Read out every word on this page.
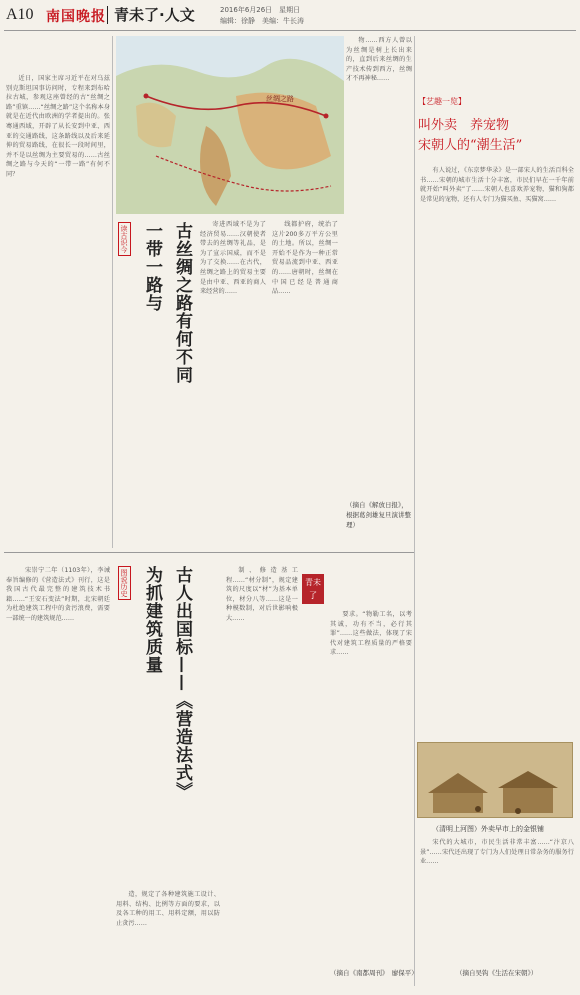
A10 南国晚报 青未了·人文	2016年6月26日　星期日
编辑：徐静　美编：牛长涛
丝绸之路

近日，国家主席习近平在对乌兹别克斯坦国事访问时，专程来到布哈拉古城，参观这座曾经的古“丝绸之路”重镇……“丝绸之路”这个名称本身就是在近代由欧洲的学者提出的。张骞通西域，开辟了从长安到中亚、西亚的交通路线，这条路线以及后来延伸的贸易路线，在很长一段时间里，并不是以丝绸为主要贸易的……古丝绸之路与今天的“一带一路”有何不同？

读古识今	古丝绸之路有何不同
一带一路与	寄进西域不是为了经济贸易……汉朝使者带去的丝绸等礼品，是为了宣示国威，而不是为了交换……在古代，丝绸之路上的贸易主要是由中亚、西亚的商人来经营的……

线都护府，统治了这片200多万平方公里的土地。所以，丝绸一开始不是作为一种正常贸易品流到中亚、西亚的……唐朝时，丝绸在中国已经是普通商品……

物……西方人曾以为丝绸是树上长出来的，直到后来丝绸的生产技术传到西方，丝绸才不再神秘……

（摘自《解放日报》，根据葛剑雄复旦演讲整理）

　宋崇宁二年（1103年），李诫奉旨编修的《营造法式》刊行，这是我国古代最完整的建筑技术书籍……“王安石变法”时期，北宋朝廷为杜绝建筑工程中的贪污浪费，需要一部统一的建筑规范……

图说历史	古人出国标——《营造法式》
为抓建筑质量

造，规定了各种建筑施工设计、用料、结构、比例等方面的要求，以及各工种的用工、用料定额，用以防止贪污……

制、修造基工程……“材分制”，规定建筑的尺度以“材”为基本单位，材分八等……这是一种模数制，对后世影响极大……

青未了

要求。“物勒工名，以考其诚，功有不当，必行其罪”……这些做法，体现了宋代对建筑工程质量的严格要求……

（摘自《南都周刊》　廖保平）
【艺趣一览】
叫外卖　养宠物
宋朝人的“潮生活”

有人说过，《东京梦华录》是一部宋人的生活百科全书……宋朝的城市生活十分丰富，市民们早在一千年前就开始“叫外卖”了……宋朝人也喜欢养宠物，猫和狗都是常见的宠物，还有人专门为猫买鱼、买猫窝……

（清明上河图）外卖早市上的金银铺

宋代的大城市，市民生活非常丰富……“汴京八景”……宋代还出现了专门为人们处理日常杂务的服务行业……

（摘自吴钩《生活在宋朝》）
